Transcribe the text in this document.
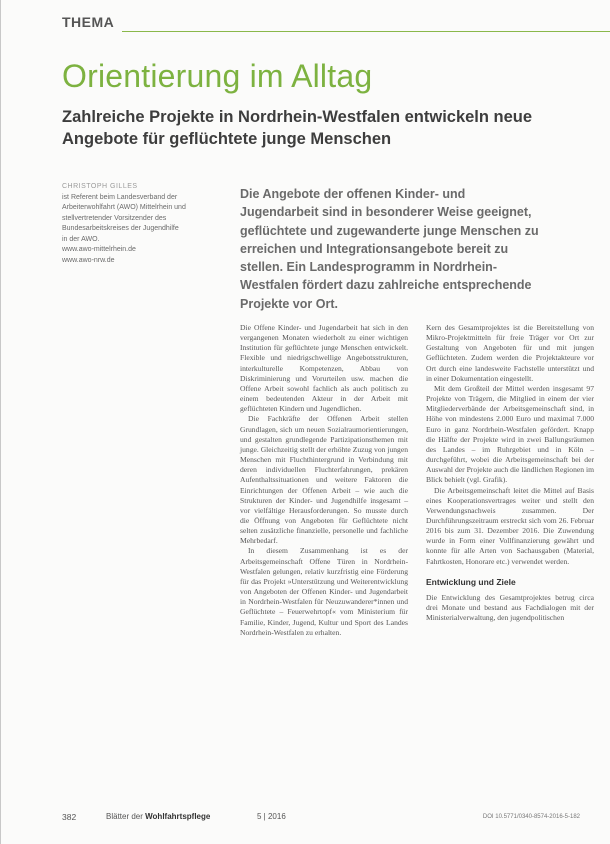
THEMA
Orientierung im Alltag
Zahlreiche Projekte in Nordrhein-Westfalen entwickeln neue Angebote für geflüchtete junge Menschen
CHRISTOPH GILLES
ist Referent beim Landesverband der Arbeiterwohlfahrt (AWO) Mittelrhein und stellvertretender Vorsitzender des Bundesarbeitskreises der Jugendhilfe in der AWO.
www.awo-mittelrhein.de
www.awo-nrw.de

Die Angebote der offenen Kinder- und Jugendarbeit sind in besonderer Weise geeignet, geflüchtete und zugewanderte junge Menschen zu erreichen und Integrationsangebote bereit zu stellen. Ein Landesprogramm in Nordrhein-Westfalen fördert dazu zahlreiche entsprechende Projekte vor Ort.

Die Offene Kinder- und Jugendarbeit hat sich in den vergangenen Monaten wiederholt zu einer wichtigen Institution für geflüchtete junge Menschen entwickelt. Flexible und niedrigschwellige Angebotsstrukturen, interkulturelle Kompetenzen, Abbau von Diskriminierung und Vorurteilen usw. machen die Offene Arbeit sowohl fachlich als auch politisch zu einem bedeutenden Akteur in der Arbeit mit geflüchteten Kindern und Jugendlichen.

Die Fachkräfte der Offenen Arbeit stellen Grundlagen, sich um neuen Sozialraumorientierungen, und gestalten grundlegende Partizipationsthemen mit junge. Gleichzeitig stellt der erhöhte Zuzug von jungen Menschen mit Fluchthintergrund in Verbindung mit deren individuellen Fluchterfahrungen, prekären Aufenthaltssituationen und weitere Faktoren die Einrichtungen der Offenen Arbeit – wie auch die Strukturen der Kinder- und Jugendhilfe insgesamt – vor vielfältige Herausforderungen. So musste durch die Öffnung von Angeboten für Geflüchtete nicht selten zusätzliche finanzielle, personelle und fachliche Mehrbedarf.

In diesem Zusammenhang ist es der Arbeitsgemeinschaft Offene Türen in Nordrhein-Westfalen gelungen, relativ kurzfristig eine Förderung für das Projekt »Unterstützung und Weiterentwicklung von Angeboten der Offenen Kinder- und Jugendarbeit in Nordrhein-Westfalen für Neuzuwanderer*innen und Geflüchtete – Feuerwehrtopf« vom Ministerium für Familie, Kinder, Jugend, Kultur und Sport des Landes Nordrhein-Westfalen zu erhalten.

Kern des Gesamtprojektes ist die Bereitstellung von Mikro-Projektmitteln für freie Träger vor Ort zur Gestaltung von Angeboten für und mit jungen Geflüchteten. Zudem werden die Projektakteure vor Ort durch eine landesweite Fachstelle unterstützt und in einer Dokumentation eingestellt.

Mit dem Großteil der Mittel werden insgesamt 97 Projekte von Trägern, die Mitglied in einem der vier Mitgliederverbände der Arbeitsgemeinschaft sind, in Höhe von mindestens 2.000 Euro und maximal 7.000 Euro in ganz Nordrhein-Westfalen gefördert. Knapp die Hälfte der Projekte wird in zwei Ballungsräumen des Landes – im Ruhrgebiet und in Köln – durchgeführt, wobei die Arbeitsgemeinschaft bei der Auswahl der Projekte auch die ländlichen Regionen im Blick behielt (vgl. Grafik).

Die Arbeitsgemeinschaft leitet die Mittel auf Basis eines Kooperationsvertrages weiter und stellt den Verwendungsnachweis zusammen. Der Durchführungszeitraum erstreckt sich vom 26. Februar 2016 bis zum 31. Dezember 2016. Die Zuwendung wurde in Form einer Vollfinanzierung gewährt und konnte für alle Arten von Sachausgaben (Material, Fahrtkosten, Honorare etc.) verwendet werden.

Entwicklung und Ziele

Die Entwicklung des Gesamtprojektes betrug circa drei Monate und bestand aus Fachdialogen mit der Ministerialverwaltung, den jugendpolitischen

382	Blätter der Wohlfahrtspflege	5 | 2016	DOI 10.5771/0340-8574-2016-5-182
